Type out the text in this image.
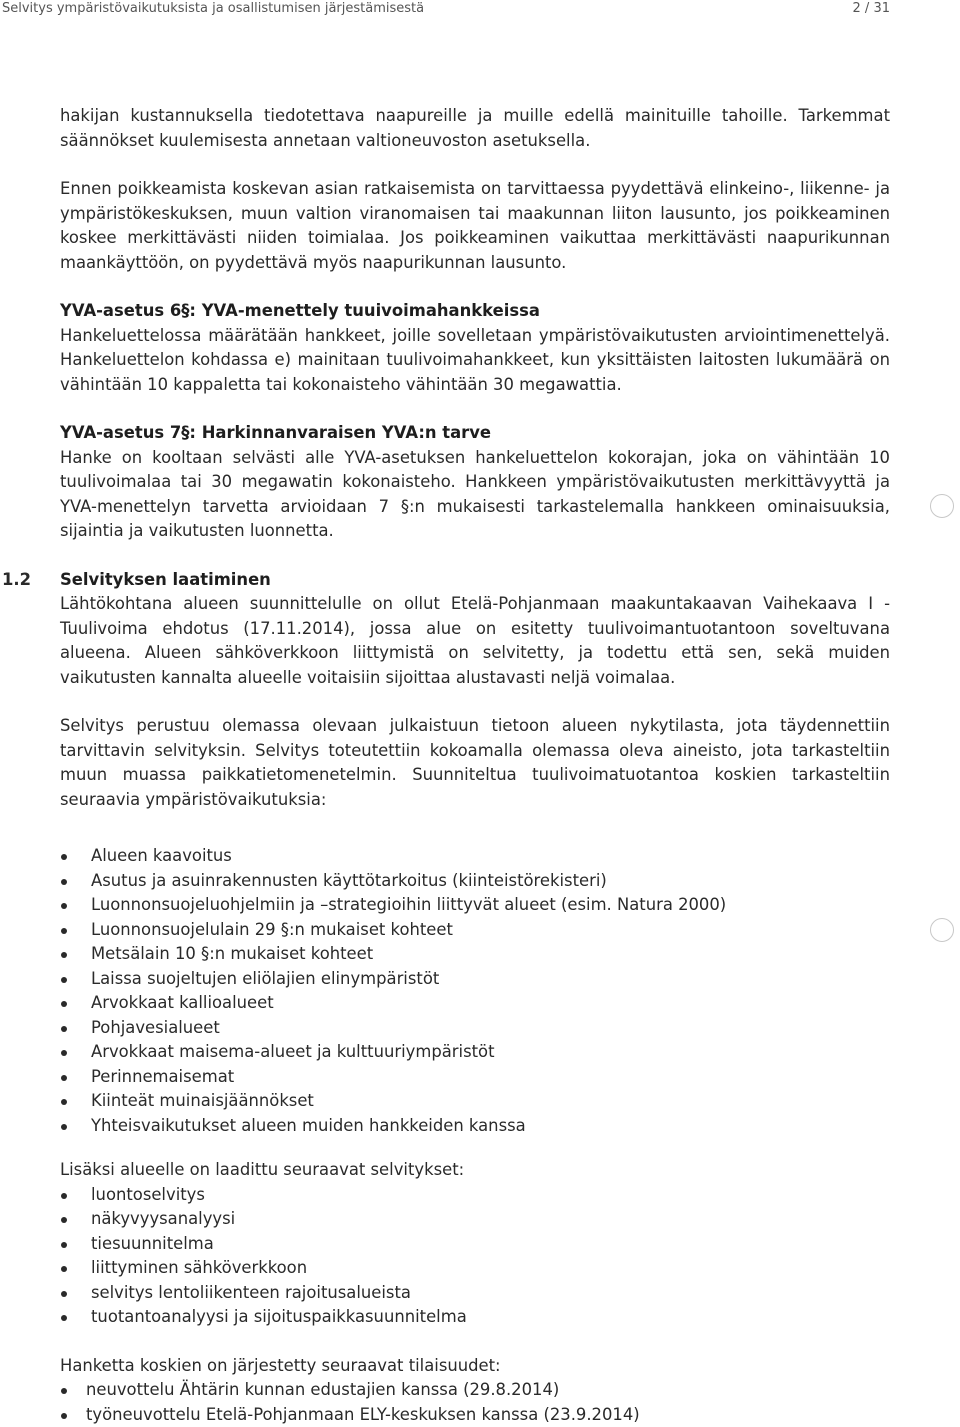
Selvitys ympäristövaikutuksista ja osallistumisen järjestämisestä	2 / 31

hakijan kustannuksella tiedotettava naapureille ja muille edellä mainituille tahoille. Tarkemmat säännökset kuulemisesta annetaan valtioneuvoston asetuksella.

Ennen poikkeamista koskevan asian ratkaisemista on tarvittaessa pyydettävä elinkeino-, liikenne- ja ympäristökeskuksen, muun valtion viranomaisen tai maakunnan liiton lausunto, jos poikkeaminen koskee merkittävästi niiden toimialaa. Jos poikkeaminen vaikuttaa merkittävästi naapurikunnan maankäyttöön, on pyydettävä myös naapurikunnan lausunto.

YVA-asetus 6§: YVA-menettely tuuivoimahankkeissa

Hankeluettelossa määrätään hankkeet, joille sovelletaan ympäristövaikutusten arviointimenettelyä. Hankeluettelon kohdassa e) mainitaan tuulivoimahankkeet, kun yksittäisten laitosten lukumäärä on vähintään 10 kappaletta tai kokonaisteho vähintään 30 megawattia.

YVA-asetus 7§: Harkinnanvaraisen YVA:n tarve

Hanke on kooltaan selvästi alle YVA-asetuksen hankeluettelon kokorajan, joka on vähintään 10 tuulivoimalaa tai 30 megawatin kokonaisteho. Hankkeen ympäristövaikutusten merkittävyyttä ja YVA-menettelyn tarvetta arvioidaan 7 §:n mukaisesti tarkastelemalla hankkeen ominaisuuksia, sijaintia ja vaikutusten luonnetta.

1.2 Selvityksen laatiminen

Lähtökohtana alueen suunnittelulle on ollut Etelä-Pohjanmaan maakuntakaavan Vaihekaava I - Tuulivoima ehdotus (17.11.2014), jossa alue on esitetty tuulivoimantuotantoon soveltuvana alueena. Alueen sähköverkkoon liittymistä on selvitetty, ja todettu että sen, sekä muiden vaikutusten kannalta alueelle voitaisiin sijoittaa alustavasti neljä voimalaa.

Selvitys perustuu olemassa olevaan julkaistuun tietoon alueen nykytilasta, jota täydennettiin tarvittavin selvityksin. Selvitys toteutettiin kokoamalla olemassa oleva aineisto, jota tarkasteltiin muun muassa paikkatietomenetelmin. Suunniteltua tuulivoimatuotantoa koskien tarkasteltiin seuraavia ympäristövaikutuksia:

Alueen kaavoitus
Asutus ja asuinrakennusten käyttötarkoitus (kiinteistörekisteri)
Luonnonsuojeluohjelmiin ja –strategioihin liittyvät alueet (esim. Natura 2000)
Luonnonsuojelulain 29 §:n mukaiset kohteet
Metsälain 10 §:n mukaiset kohteet
Laissa suojeltujen eliölajien elinympäristöt
Arvokkaat kallioalueet
Pohjavesialueet
Arvokkaat maisema-alueet ja kulttuuriympäristöt
Perinnemaisemat
Kiinteät muinaisjäännökset
Yhteisvaikutukset alueen muiden hankkeiden kanssa

Lisäksi alueelle on laadittu seuraavat selvitykset:

luontoselvitys
näkyvyysanalyysi
tiesuunnitelma
liittyminen sähköverkkoon
selvitys lentoliikenteen rajoitusalueista
tuotantoanalyysi ja sijoituspaikkasuunnitelma

Hanketta koskien on järjestetty seuraavat tilaisuudet:

neuvottelu Ähtärin kunnan edustajien kanssa (29.8.2014)
työneuvottelu Etelä-Pohjanmaan ELY-keskuksen kanssa (23.9.2014)
